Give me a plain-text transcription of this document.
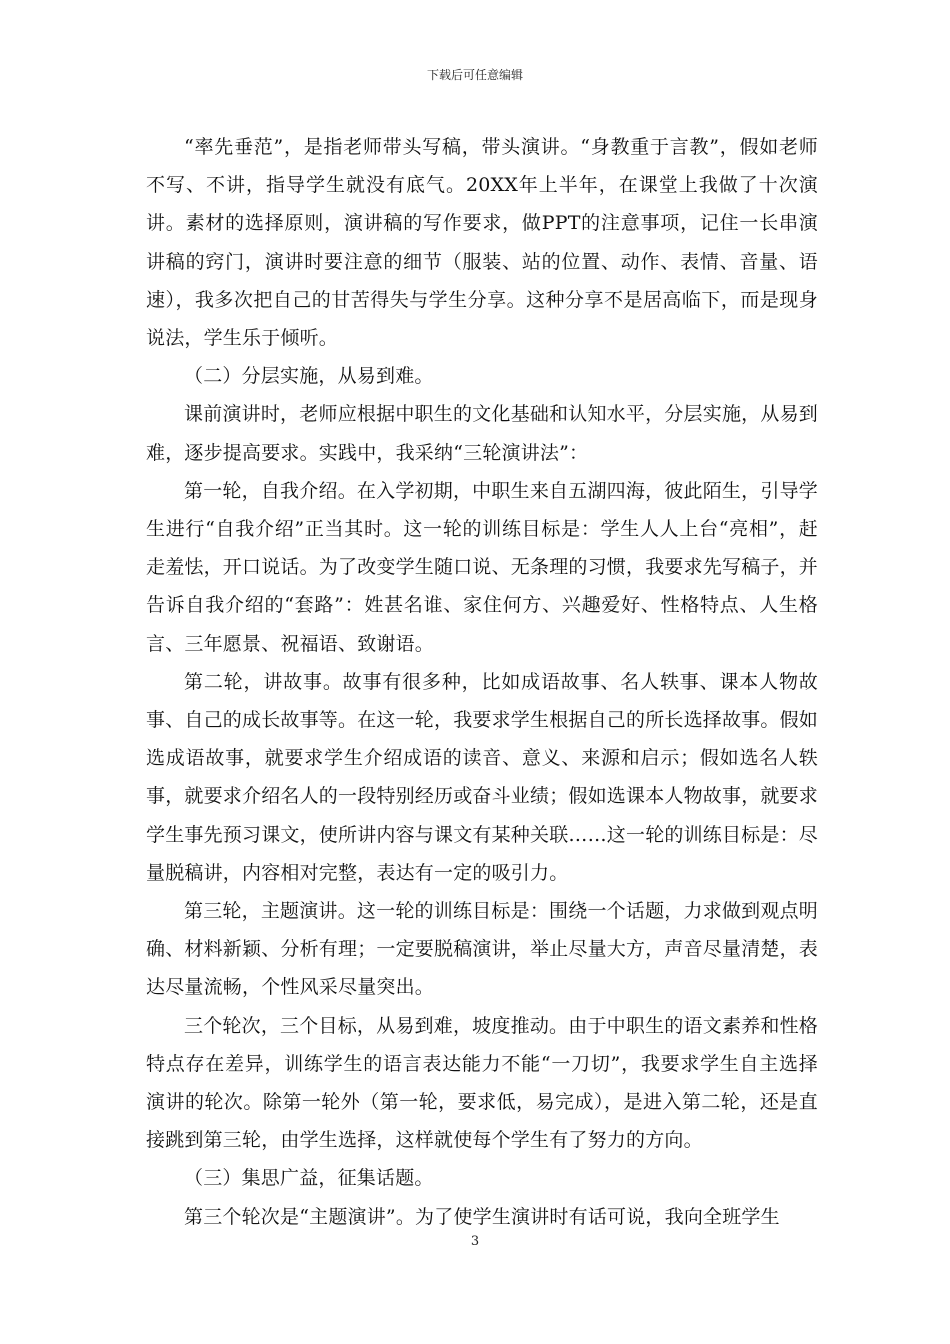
下载后可任意编辑

“率先垂范”，是指老师带头写稿，带头演讲。“身教重于言教”，假如老师不写、不讲，指导学生就没有底气。20XX年上半年，在课堂上我做了十次演讲。素材的选择原则，演讲稿的写作要求，做PPT的注意事项，记住一长串演讲稿的窍门，演讲时要注意的细节（服装、站的位置、动作、表情、音量、语速），我多次把自己的甘苦得失与学生分享。这种分享不是居高临下，而是现身说法，学生乐于倾听。

（二）分层实施，从易到难。

课前演讲时，老师应根据中职生的文化基础和认知水平，分层实施，从易到难，逐步提高要求。实践中，我采纳“三轮演讲法”：

第一轮，自我介绍。在入学初期，中职生来自五湖四海，彼此陌生，引导学生进行“自我介绍”正当其时。这一轮的训练目标是：学生人人上台“亮相”，赶走羞怯，开口说话。为了改变学生随口说、无条理的习惯，我要求先写稿子，并告诉自我介绍的“套路”：姓甚名谁、家住何方、兴趣爱好、性格特点、人生格言、三年愿景、祝福语、致谢语。

第二轮，讲故事。故事有很多种，比如成语故事、名人轶事、课本人物故事、自己的成长故事等。在这一轮，我要求学生根据自己的所长选择故事。假如选成语故事，就要求学生介绍成语的读音、意义、来源和启示；假如选名人轶事，就要求介绍名人的一段特别经历或奋斗业绩；假如选课本人物故事，就要求学生事先预习课文，使所讲内容与课文有某种关联……这一轮的训练目标是：尽量脱稿讲，内容相对完整，表达有一定的吸引力。

第三轮，主题演讲。这一轮的训练目标是：围绕一个话题，力求做到观点明确、材料新颖、分析有理；一定要脱稿演讲，举止尽量大方，声音尽量清楚，表达尽量流畅，个性风采尽量突出。

三个轮次，三个目标，从易到难，坡度推动。由于中职生的语文素养和性格特点存在差异，训练学生的语言表达能力不能“一刀切”，我要求学生自主选择演讲的轮次。除第一轮外（第一轮，要求低，易完成），是进入第二轮，还是直接跳到第三轮，由学生选择，这样就使每个学生有了努力的方向。

（三）集思广益，征集话题。

第三个轮次是“主题演讲”。为了使学生演讲时有话可说，我向全班学生

3
